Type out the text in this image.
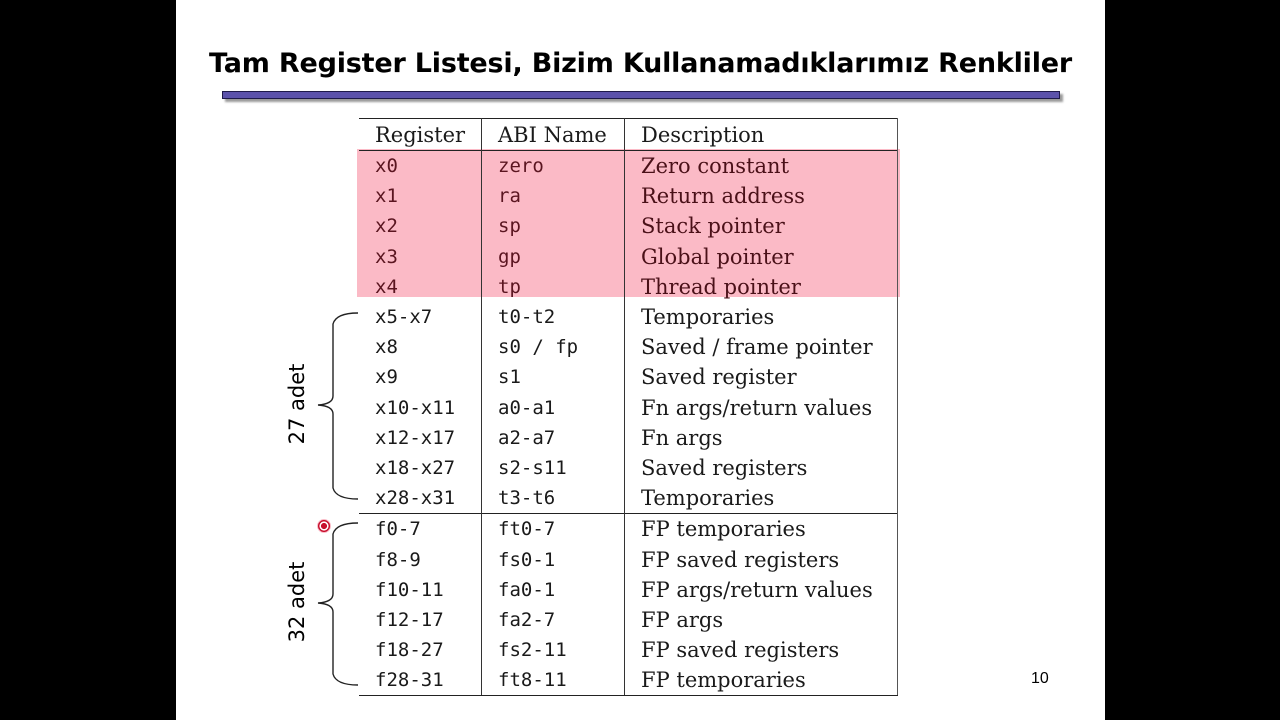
Tam Register Listesi, Bizim Kullanamadıklarımız Renkliler
Register	ABI Name	Description
x0	zero	Zero constant
x1	ra	Return address
x2	sp	Stack pointer
x3	gp	Global pointer
x4	tp	Thread pointer
x5-x7	t0-t2	Temporaries
x8	s0 / fp	Saved / frame pointer
x9	s1	Saved register
x10-x11	a0-a1	Fn args/return values
x12-x17	a2-a7	Fn args
x18-x27	s2-s11	Saved registers
x28-x31	t3-t6	Temporaries
f0-7	ft0-7	FP temporaries
f8-9	fs0-1	FP saved registers
f10-11	fa0-1	FP args/return values
f12-17	fa2-7	FP args
f18-27	fs2-11	FP saved registers
f28-31	ft8-11	FP temporaries
27 adet
32 adet
10
